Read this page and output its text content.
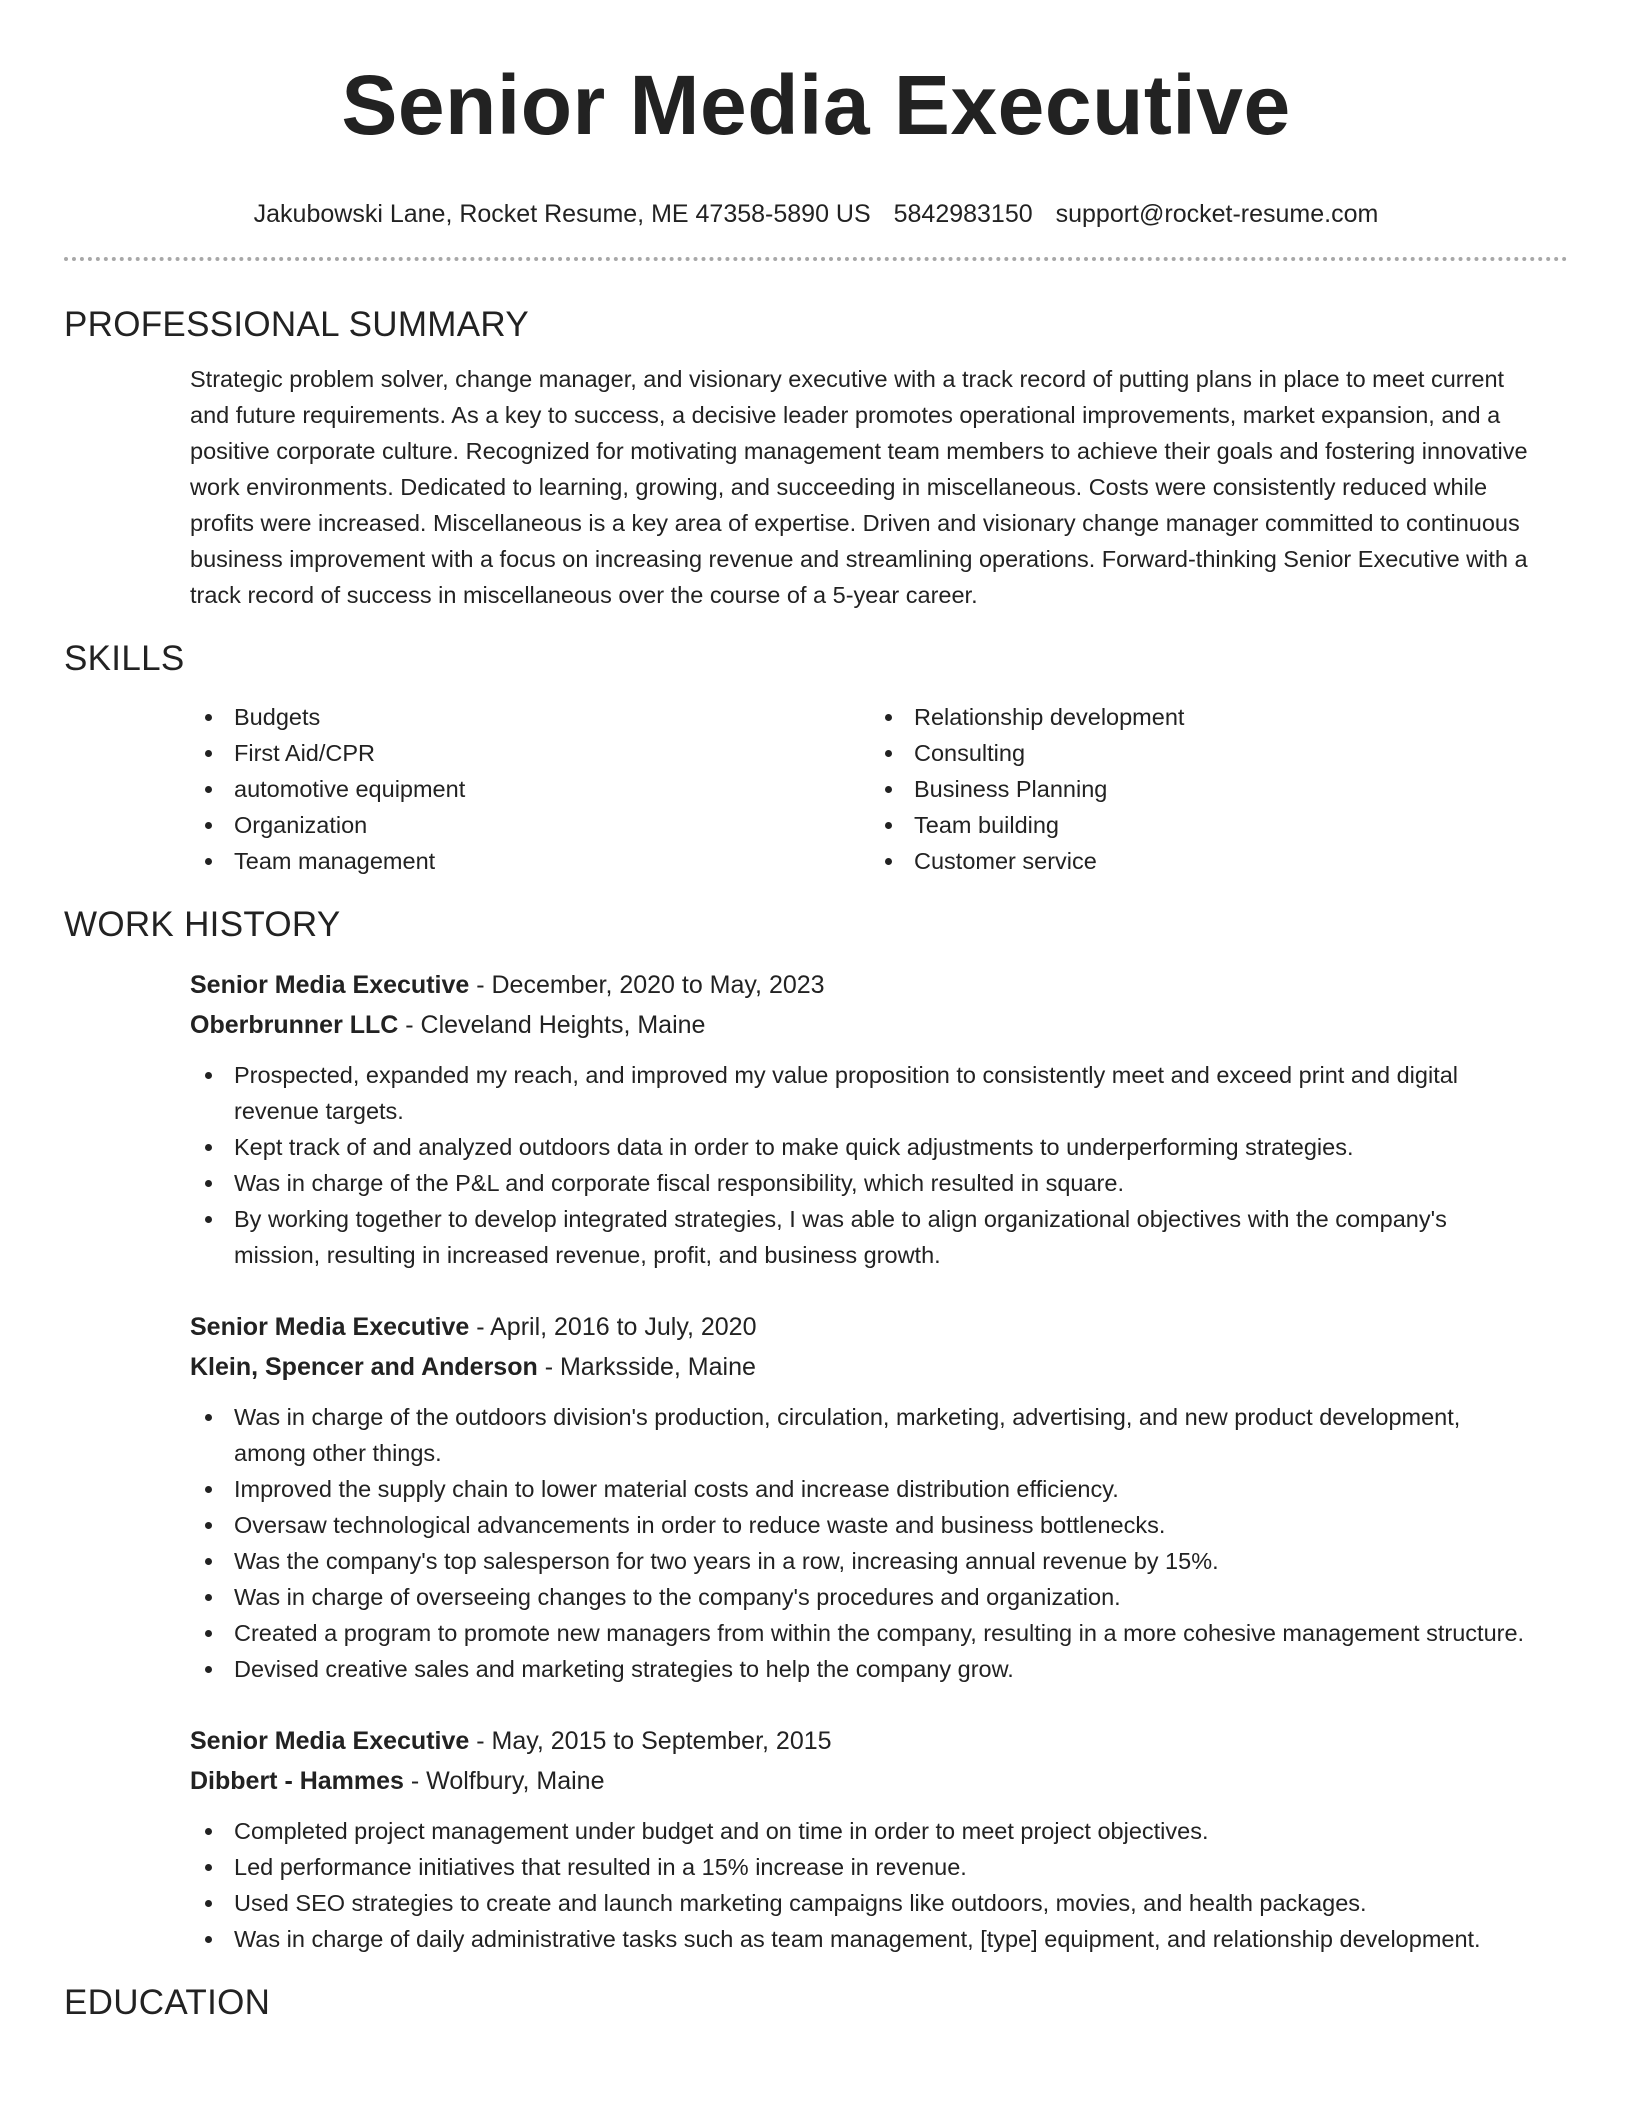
Senior Media Executive
Jakubowski Lane, Rocket Resume, ME 47358-5890 US 5842983150 support@rocket-resume.com
PROFESSIONAL SUMMARY

Strategic problem solver, change manager, and visionary executive with a track record of putting plans in place to meet current and future requirements. As a key to success, a decisive leader promotes operational improvements, market expansion, and a positive corporate culture. Recognized for motivating management team members to achieve their goals and fostering innovative work environments. Dedicated to learning, growing, and succeeding in miscellaneous. Costs were consistently reduced while profits were increased. Miscellaneous is a key area of expertise. Driven and visionary change manager committed to continuous business improvement with a focus on increasing revenue and streamlining operations. Forward-thinking Senior Executive with a track record of success in miscellaneous over the course of a 5-year career.

SKILLS
Budgets
First Aid/CPR
automotive equipment
Organization
Team management
Relationship development
Consulting
Business Planning
Team building
Customer service
WORK HISTORY
Senior Media Executive - December, 2020 to May, 2023
Oberbrunner LLC - Cleveland Heights, Maine
Prospected, expanded my reach, and improved my value proposition to consistently meet and exceed print and digital revenue targets.
Kept track of and analyzed outdoors data in order to make quick adjustments to underperforming strategies.
Was in charge of the P&L and corporate fiscal responsibility, which resulted in square.
By working together to develop integrated strategies, I was able to align organizational objectives with the company's mission, resulting in increased revenue, profit, and business growth.
Senior Media Executive - April, 2016 to July, 2020
Klein, Spencer and Anderson - Marksside, Maine
Was in charge of the outdoors division's production, circulation, marketing, advertising, and new product development, among other things.
Improved the supply chain to lower material costs and increase distribution efficiency.
Oversaw technological advancements in order to reduce waste and business bottlenecks.
Was the company's top salesperson for two years in a row, increasing annual revenue by 15%.
Was in charge of overseeing changes to the company's procedures and organization.
Created a program to promote new managers from within the company, resulting in a more cohesive management structure.
Devised creative sales and marketing strategies to help the company grow.
Senior Media Executive - May, 2015 to September, 2015
Dibbert - Hammes - Wolfbury, Maine
Completed project management under budget and on time in order to meet project objectives.
Led performance initiatives that resulted in a 15% increase in revenue.
Used SEO strategies to create and launch marketing campaigns like outdoors, movies, and health packages.
Was in charge of daily administrative tasks such as team management, [type] equipment, and relationship development.
EDUCATION
